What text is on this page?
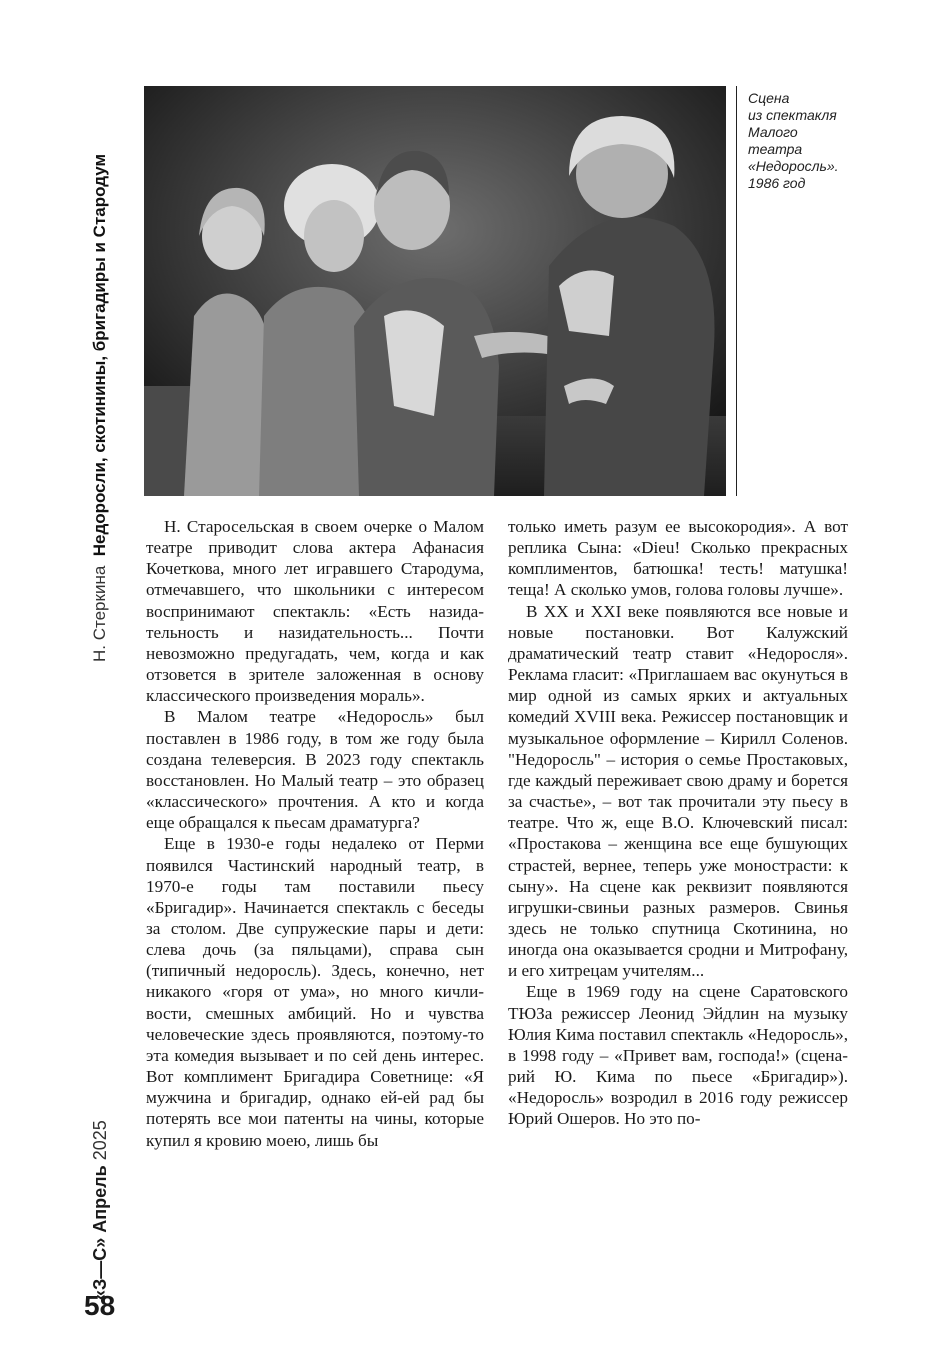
Н. Стеркина  Недоросли, скотинины, бригадиры и Стародум
«З—С» Апрель 2025
58
Сцена
из спектакля
Малого
театра
«Недоросль».
1986 год

Н. Старосельская в своем очерке о Малом театре приводит слова актера Афанасия Кочеткова, много лет игравшего Стародума, отмечавшего, что школьники с интересом воспринимают спектакль: «Есть назидательность и назидательность... Почти невозможно предугадать, чем, когда и как отзовется в зрителе заложенная в основу классического произведения мораль».

В Малом театре «Недоросль» был поставлен в 1986 году, в том же году была создана телеверсия. В 2023 году спектакль восстановлен. Но Малый театр – это образец «классического» прочтения. А кто и когда еще обращался к пьесам драматурга?

Еще в 1930-е годы недалеко от Перми появился Частинский народный театр, в 1970-е годы там поставили пьесу «Бригадир». Начинается спектакль с беседы за столом. Две супружеские пары и дети: слева дочь (за пяльцами), справа сын (типичный недоросль). Здесь, конечно, нет никакого «горя от ума», но много кичливости, смешных амбиций. Но и чувства человеческие здесь проявляются, поэтому-то эта комедия вызывает и по сей день интерес. Вот комплимент Бригадира Советнице: «Я мужчина и бригадир, однако ей-ей рад бы потерять все мои патенты на чины, которые купил я кровию моею, лишь бы

только иметь разум ее высокородия». А вот реплика Сына: «Dieu! Сколько прекрасных комплиментов, батюшка! тесть! матушка! теща! А сколько умов, голова головы лучше».

В XX и XXI веке появляются все новые и новые постановки. Вот Калужский драматический театр ставит «Недоросля». Реклама гласит: «Приглашаем вас окунуться в мир одной из самых ярких и актуальных комедий XVIII века. Режиссер постановщик и музыкальное оформление – Кирилл Соленов. "Недоросль" – история о семье Простаковых, где каждый переживает свою драму и борется за счастье», – вот так прочитали эту пьесу в театре. Что ж, еще В.О. Ключевский писал: «Простакова – женщина все еще бушующих страстей, вернее, теперь уже монострасти: к сыну». На сцене как реквизит появляются игрушки-свиньи разных размеров. Свинья здесь не только спутница Скотинина, но иногда она оказывается сродни и Митрофану, и его хитрецам учителям...

Еще в 1969 году на сцене Саратовского ТЮЗа режиссер Леонид Эйдлин на музыку Юлия Кима поставил спектакль «Недоросль», в 1998 году – «Привет вам, господа!» (сценарий Ю. Кима по пьесе «Бригадир»). «Недоросль» возродил в 2016 году режиссер Юрий Ошеров. Но это по-
